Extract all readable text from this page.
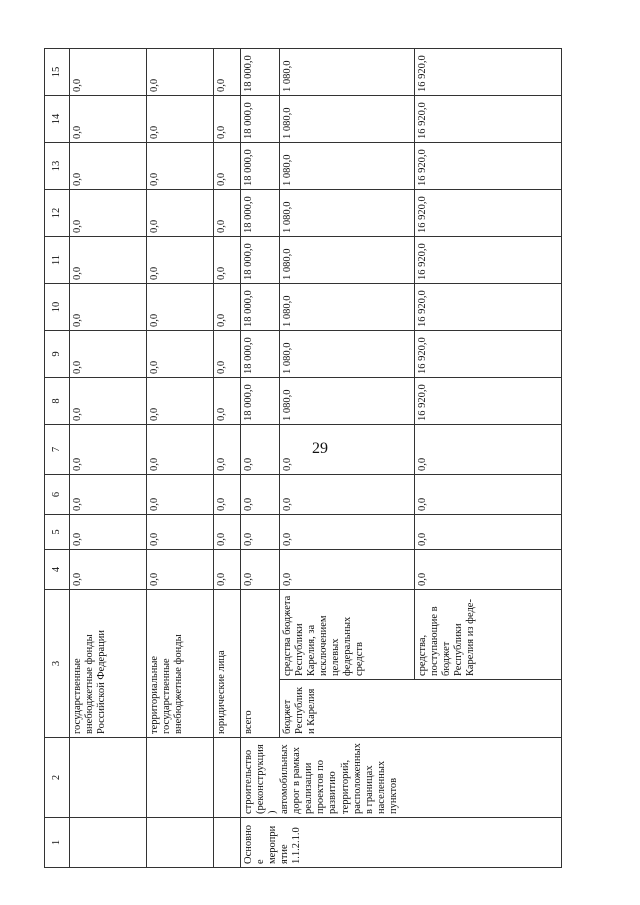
29
1	2	3		4	5	6	7	8	9	10	11	12	13	14	15
		государственные внебюджетные фонды Российской Федерации		0,0	0,0	0,0	0,0	0,0	0,0	0,0	0,0	0,0	0,0	0,0	0,0
		территориальные государственные внебюджетные фонды		0,0	0,0	0,0	0,0	0,0	0,0	0,0	0,0	0,0	0,0	0,0	0,0
		юридические лица		0,0	0,0	0,0	0,0	0,0	0,0	0,0	0,0	0,0	0,0	0,0	0,0
Основное мероприятие 1.1.2.1.0	строительство (реконструкция) автомобильных дорог в рамках реализации проектов по развитию территорий, расположенных в границах населенных пунктов	всего		0,0	0,0	0,0	0,0	18 000,0	18 000,0	18 000,0	18 000,0	18 000,0	18 000,0	18 000,0	18 000,0
		бюджет Республики Карелия	средства бюджета Республики Карелия, за исключением целевых федеральных средств	0,0	0,0	0,0	0,0	1 080,0	1 080,0	1 080,0	1 080,0	1 080,0	1 080,0	1 080,0	1 080,0
			средства, поступающие в бюджет Республики Карелия из феде-	0,0	0,0	0,0	0,0	16 920,0	16 920,0	16 920,0	16 920,0	16 920,0	16 920,0	16 920,0	16 920,0
